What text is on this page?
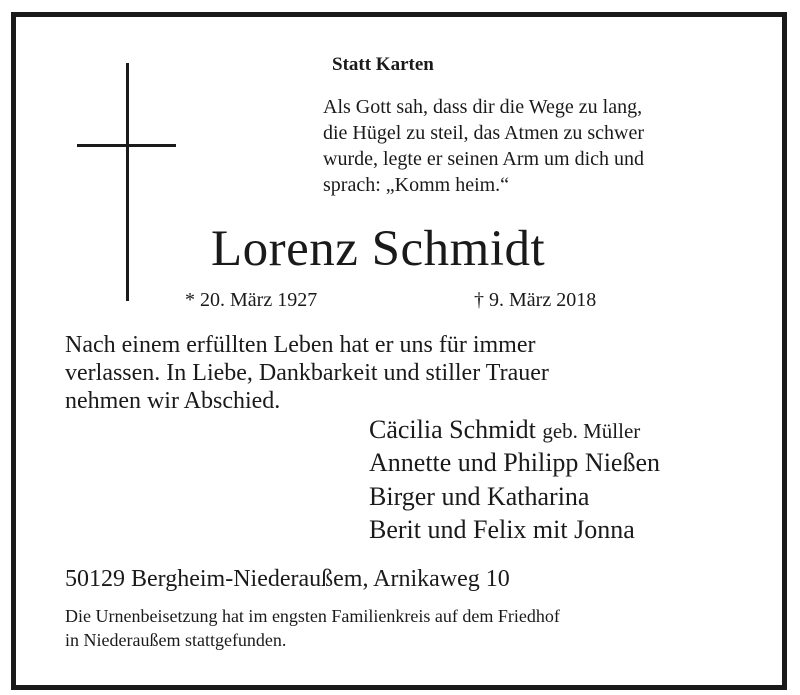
Statt Karten
Als Gott sah, dass dir die Wege zu lang,
die Hügel zu steil, das Atmen zu schwer
wurde, legte er seinen Arm um dich und
sprach: „Komm heim.“
Lorenz Schmidt
* 20. März 1927	† 9. März 2018
Nach einem erfüllten Leben hat er uns für immer
verlassen. In Liebe, Dankbarkeit und stiller Trauer
nehmen wir Abschied.
Cäcilia Schmidt geb. Müller
Annette und Philipp Nießen
Birger und Katharina
Berit und Felix mit Jonna
50129 Bergheim-Niederaußem, Arnikaweg 10
Die Urnenbeisetzung hat im engsten Familienkreis auf dem Friedhof
in Niederaußem stattgefunden.
